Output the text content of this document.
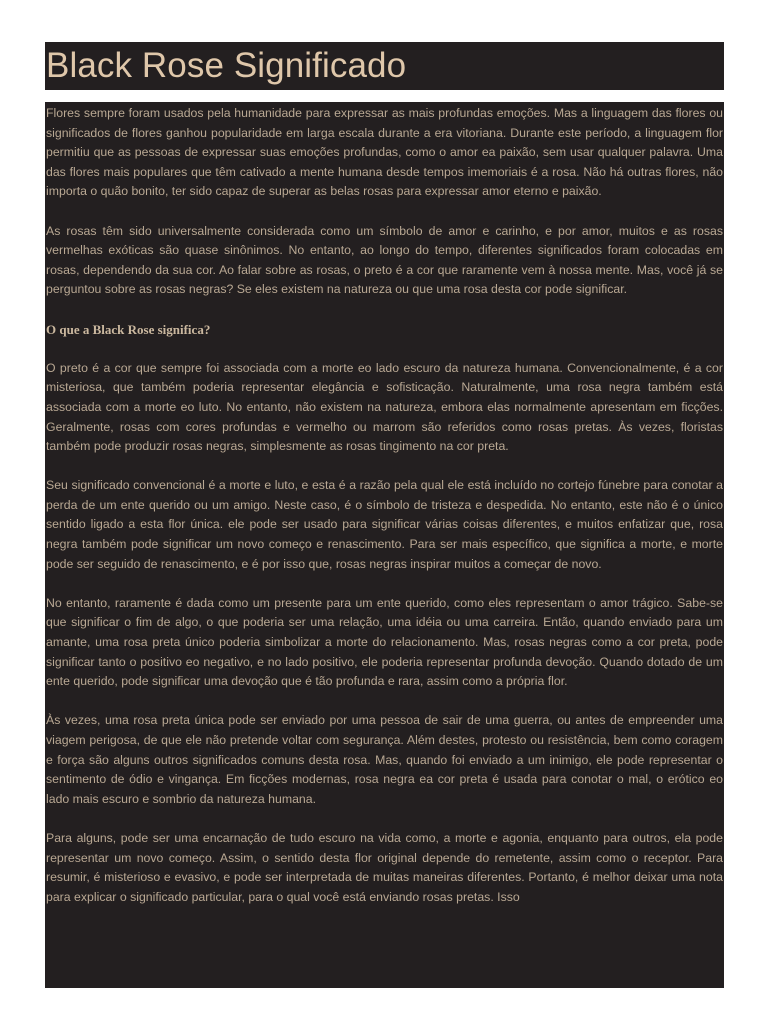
Black Rose Significado

Flores sempre foram usados pela humanidade para expressar as mais profundas emoções. Mas a linguagem das flores ou significados de flores ganhou popularidade em larga escala durante a era vitoriana. Durante este período, a linguagem flor permitiu que as pessoas de expressar suas emoções profundas, como o amor ea paixão, sem usar qualquer palavra. Uma das flores mais populares que têm cativado a mente humana desde tempos imemoriais é a rosa. Não há outras flores, não importa o quão bonito, ter sido capaz de superar as belas rosas para expressar amor eterno e paixão.

As rosas têm sido universalmente considerada como um símbolo de amor e carinho, e por amor, muitos e as rosas vermelhas exóticas são quase sinônimos. No entanto, ao longo do tempo, diferentes significados foram colocadas em rosas, dependendo da sua cor. Ao falar sobre as rosas, o preto é a cor que raramente vem à nossa mente. Mas, você já se perguntou sobre as rosas negras? Se eles existem na natureza ou que uma rosa desta cor pode significar.

O que a Black Rose significa?

O preto é a cor que sempre foi associada com a morte eo lado escuro da natureza humana. Convencionalmente, é a cor misteriosa, que também poderia representar elegância e sofisticação. Naturalmente, uma rosa negra também está associada com a morte eo luto. No entanto, não existem na natureza, embora elas normalmente apresentam em ficções. Geralmente, rosas com cores profundas e vermelho ou marrom são referidos como rosas pretas. Às vezes, floristas também pode produzir rosas negras, simplesmente as rosas tingimento na cor preta.

Seu significado convencional é a morte e luto, e esta é a razão pela qual ele está incluído no cortejo fúnebre para conotar a perda de um ente querido ou um amigo. Neste caso, é o símbolo de tristeza e despedida. No entanto, este não é o único sentido ligado a esta flor única. ele pode ser usado para significar várias coisas diferentes, e muitos enfatizar que, rosa negra também pode significar um novo começo e renascimento. Para ser mais específico, que significa a morte, e morte pode ser seguido de renascimento, e é por isso que, rosas negras inspirar muitos a começar de novo.

No entanto, raramente é dada como um presente para um ente querido, como eles representam o amor trágico. Sabe-se que significar o fim de algo, o que poderia ser uma relação, uma idéia ou uma carreira. Então, quando enviado para um amante, uma rosa preta único poderia simbolizar a morte do relacionamento. Mas, rosas negras como a cor preta, pode significar tanto o positivo eo negativo, e no lado positivo, ele poderia representar profunda devoção. Quando dotado de um ente querido, pode significar uma devoção que é tão profunda e rara, assim como a própria flor.

Às vezes, uma rosa preta única pode ser enviado por uma pessoa de sair de uma guerra, ou antes de empreender uma viagem perigosa, de que ele não pretende voltar com segurança. Além destes, protesto ou resistência, bem como coragem e força são alguns outros significados comuns desta rosa. Mas, quando foi enviado a um inimigo, ele pode representar o sentimento de ódio e vingança. Em ficções modernas, rosa negra ea cor preta é usada para conotar o mal, o erótico eo lado mais escuro e sombrio da natureza humana.

Para alguns, pode ser uma encarnação de tudo escuro na vida como, a morte e agonia, enquanto para outros, ela pode representar um novo começo. Assim, o sentido desta flor original depende do remetente, assim como o receptor. Para resumir, é misterioso e evasivo, e pode ser interpretada de muitas maneiras diferentes. Portanto, é melhor deixar uma nota para explicar o significado particular, para o qual você está enviando rosas pretas. Isso
